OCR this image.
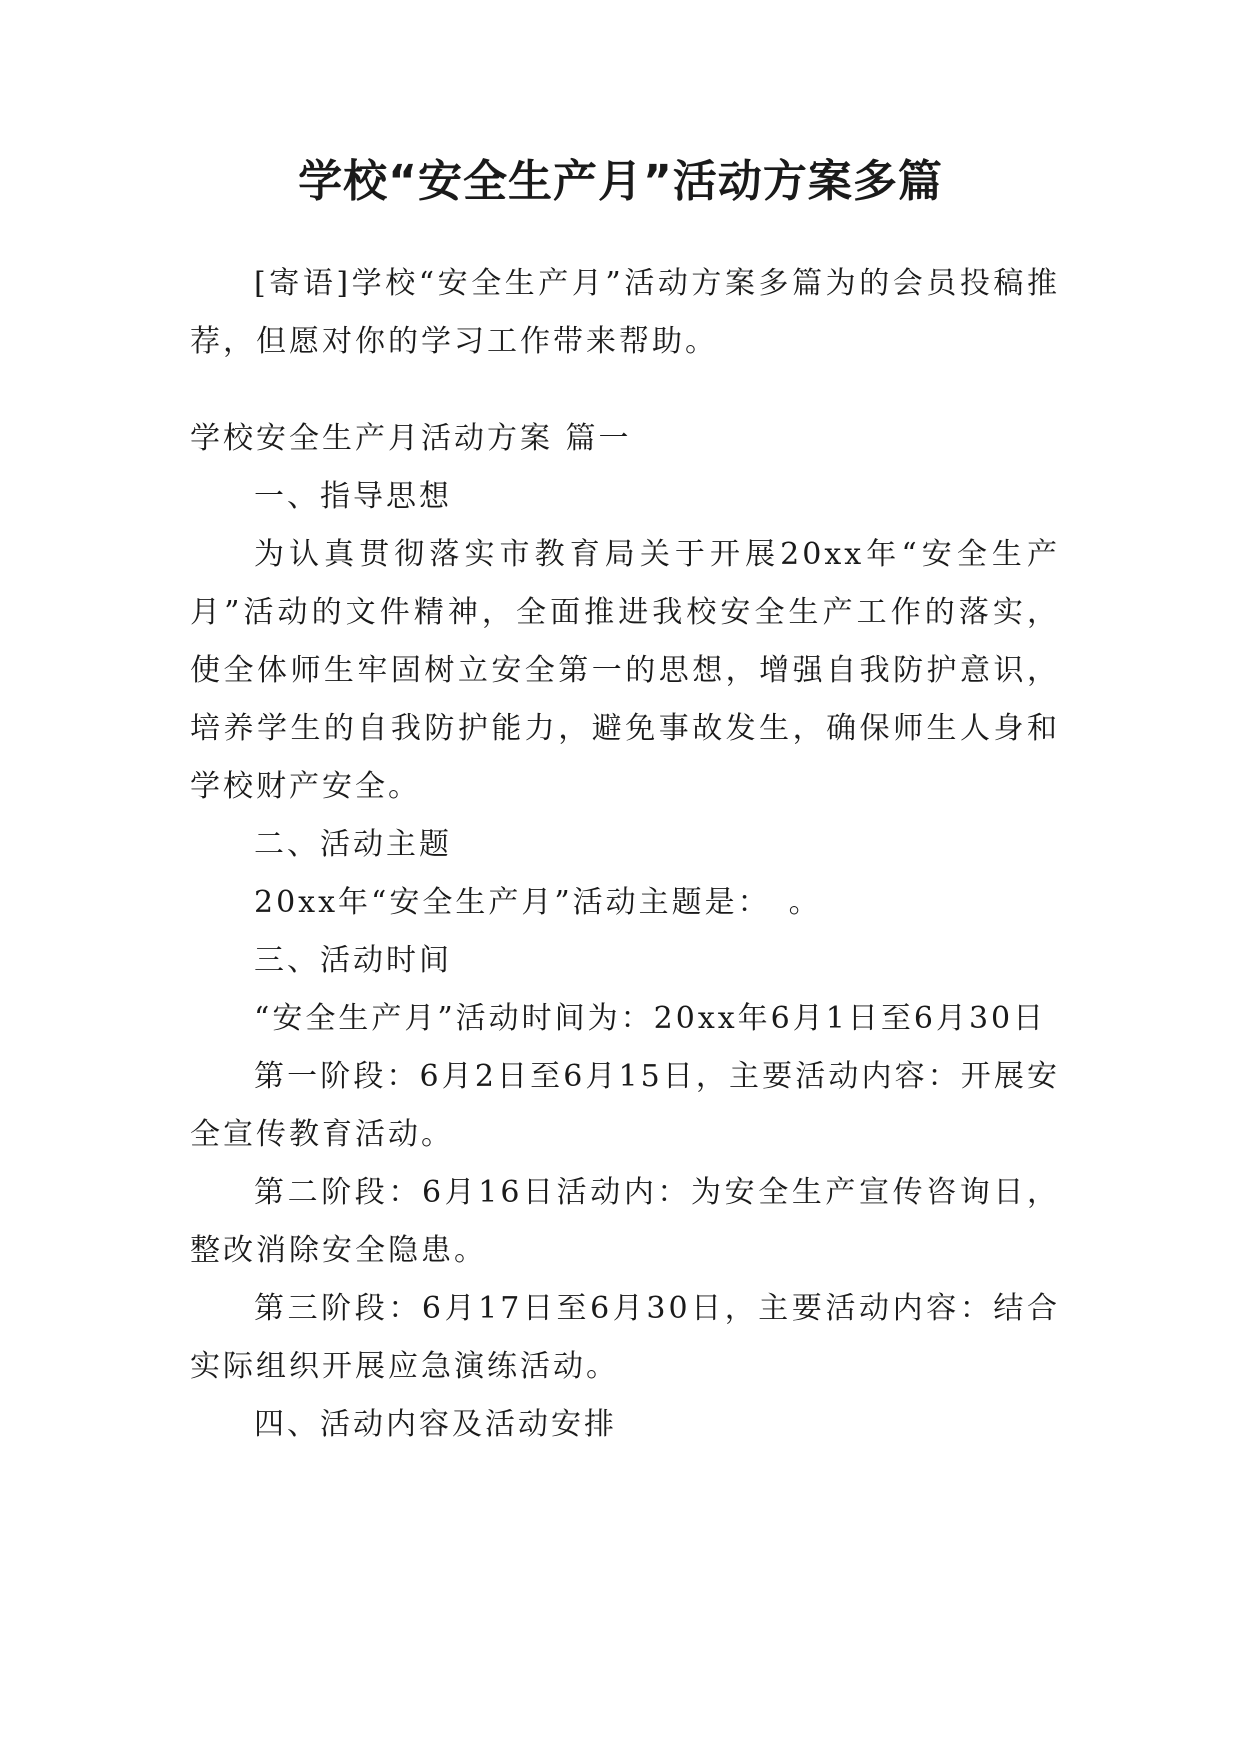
学校“安全生产月”活动方案多篇

[寄语]学校“安全生产月”活动方案多篇为的会员投稿推荐，但愿对你的学习工作带来帮助。

学校安全生产月活动方案 篇一

一、指导思想

为认真贯彻落实市教育局关于开展20xx年“安全生产月”活动的文件精神，全面推进我校安全生产工作的落实，使全体师生牢固树立安全第一的思想，增强自我防护意识，培养学生的自我防护能力，避免事故发生，确保师生人身和学校财产安全。

二、活动主题

20xx年“安全生产月”活动主题是：　。

三、活动时间

“安全生产月”活动时间为：20xx年6月1日至6月30日

第一阶段：6月2日至6月15日，主要活动内容：开展安全宣传教育活动。

第二阶段：6月16日活动内：为安全生产宣传咨询日，整改消除安全隐患。

第三阶段：6月17日至6月30日，主要活动内容：结合实际组织开展应急演练活动。

四、活动内容及活动安排
